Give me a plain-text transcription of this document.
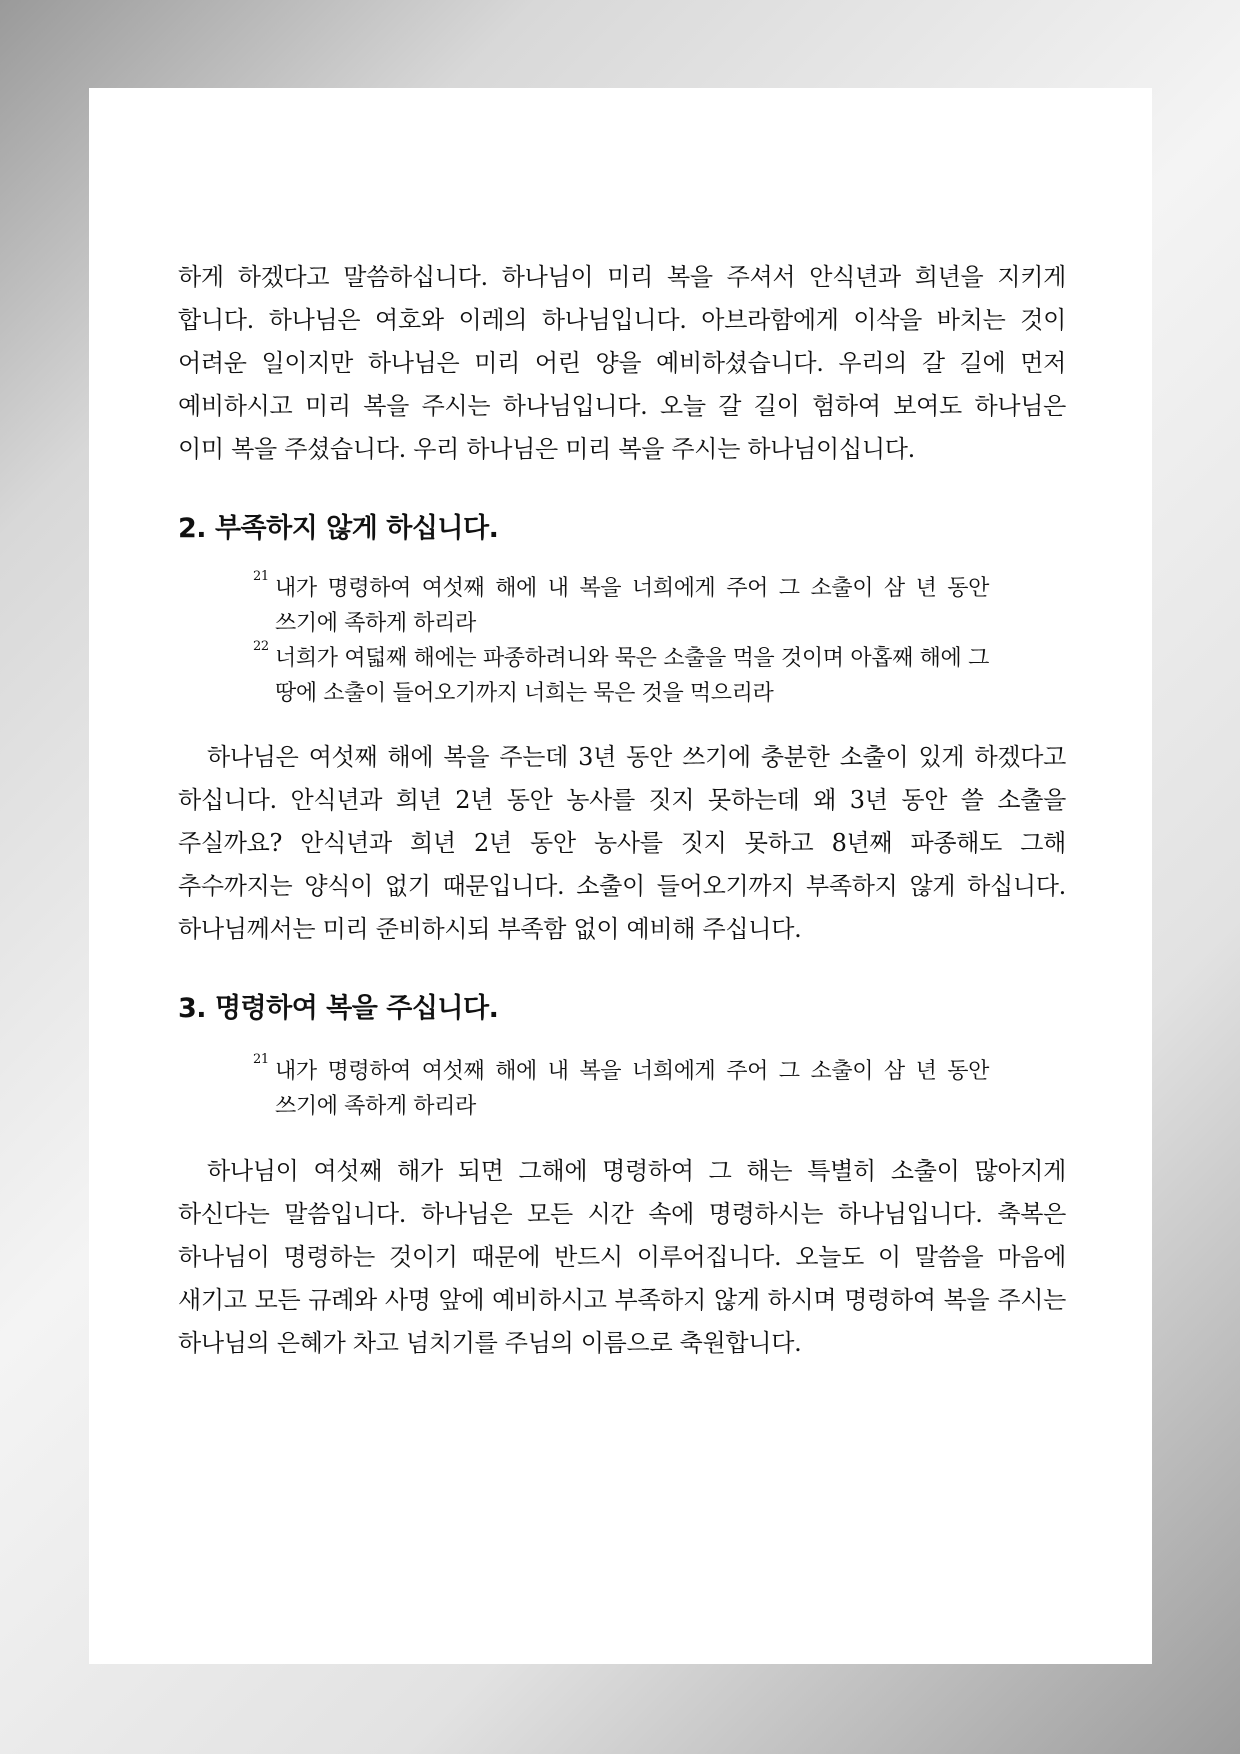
하게 하겠다고 말씀하십니다. 하나님이 미리 복을 주셔서 안식년과 희년을 지키게 합니다. 하나님은 여호와 이레의 하나님입니다. 아브라함에게 이삭을 바치는 것이 어려운 일이지만 하나님은 미리 어린 양을 예비하셨습니다. 우리의 갈 길에 먼저 예비하시고 미리 복을 주시는 하나님입니다. 오늘 갈 길이 험하여 보여도 하나님은 이미 복을 주셨습니다. 우리 하나님은 미리 복을 주시는 하나님이십니다.

2. 부족하지 않게 하십니다.
21 내가 명령하여 여섯째 해에 내 복을 너희에게 주어 그 소출이 삼 년 동안 쓰기에 족하게 하리라
22 너희가 여덟째 해에는 파종하려니와 묵은 소출을 먹을 것이며 아홉째 해에 그 땅에 소출이 들어오기까지 너희는 묵은 것을 먹으리라

하나님은 여섯째 해에 복을 주는데 3년 동안 쓰기에 충분한 소출이 있게 하겠다고 하십니다. 안식년과 희년 2년 동안 농사를 짓지 못하는데 왜 3년 동안 쓸 소출을 주실까요? 안식년과 희년 2년 동안 농사를 짓지 못하고 8년째 파종해도 그해 추수까지는 양식이 없기 때문입니다. 소출이 들어오기까지 부족하지 않게 하십니다. 하나님께서는 미리 준비하시되 부족함 없이 예비해 주십니다.

3. 명령하여 복을 주십니다.
21 내가 명령하여 여섯째 해에 내 복을 너희에게 주어 그 소출이 삼 년 동안 쓰기에 족하게 하리라

하나님이 여섯째 해가 되면 그해에 명령하여 그 해는 특별히 소출이 많아지게 하신다는 말씀입니다. 하나님은 모든 시간 속에 명령하시는 하나님입니다. 축복은 하나님이 명령하는 것이기 때문에 반드시 이루어집니다. 오늘도 이 말씀을 마음에 새기고 모든 규례와 사명 앞에 예비하시고 부족하지 않게 하시며 명령하여 복을 주시는 하나님의 은혜가 차고 넘치기를 주님의 이름으로 축원합니다.
